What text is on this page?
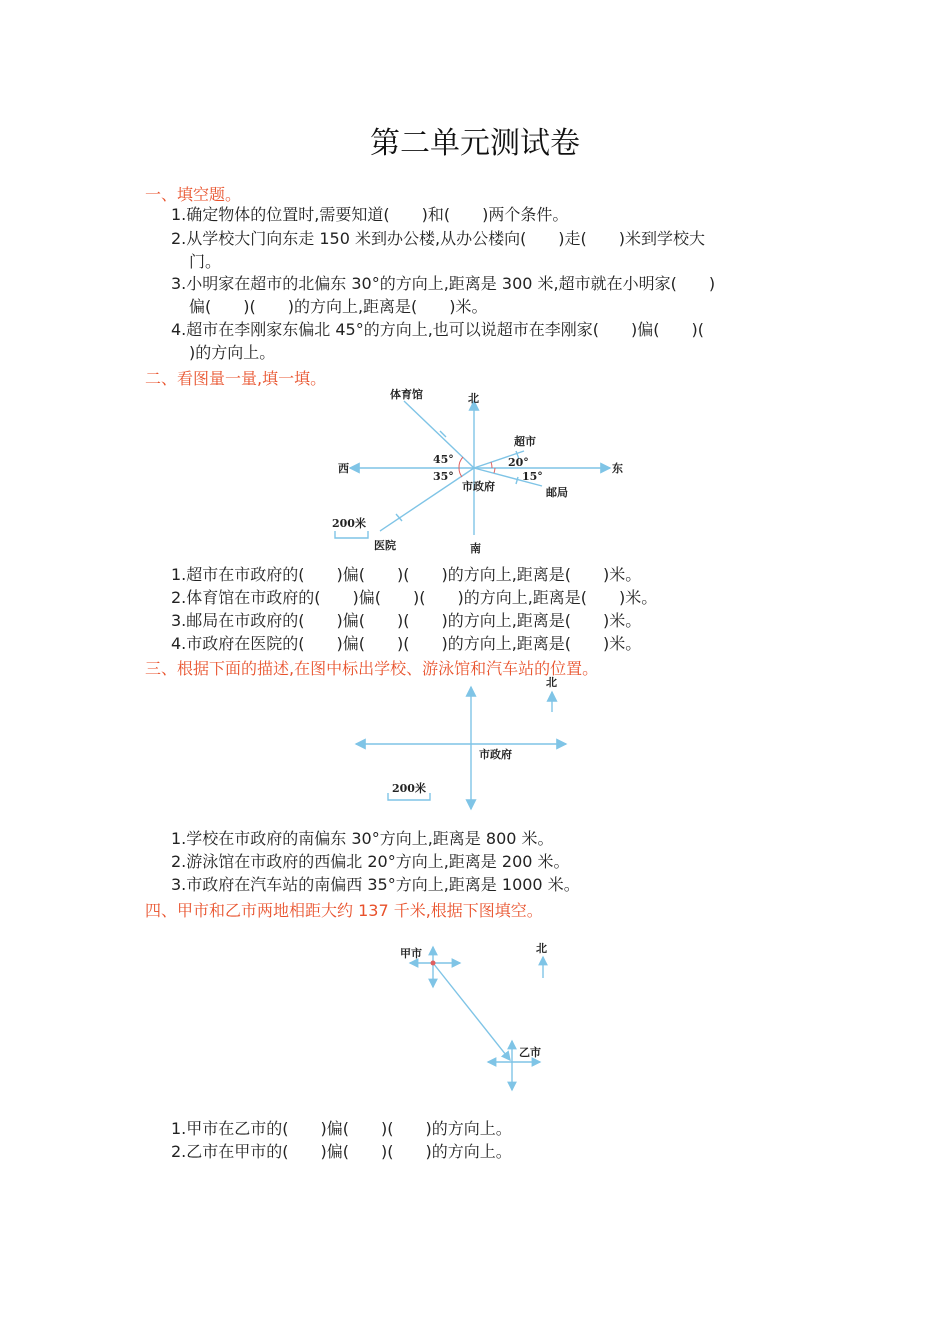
第二单元测试卷
一、填空题。
1.确定物体的位置时,需要知道(　　)和(　　)两个条件。
2.从学校大门向东走 150 米到办公楼,从办公楼向(　　)走(　　)米到学校大
门。
3.小明家在超市的北偏东 30°的方向上,距离是 300 米,超市就在小明家(　　)
偏(　　)(　　)的方向上,距离是(　　)米。
4.超市在李刚家东偏北 45°的方向上,也可以说超市在李刚家(　　)偏(　　)(
)的方向上。
二、看图量一量,填一填。
体育馆	北
超市
西	东
45°
35°
20°
15°
市政府	邮局
200米
医院	南
1.超市在市政府的(　　)偏(　　)(　　)的方向上,距离是(　　)米。
2.体育馆在市政府的(　　)偏(　　)(　　)的方向上,距离是(　　)米。
3.邮局在市政府的(　　)偏(　　)(　　)的方向上,距离是(　　)米。
4.市政府在医院的(　　)偏(　　)(　　)的方向上,距离是(　　)米。
三、根据下面的描述,在图中标出学校、游泳馆和汽车站的位置。
北
市政府
200米
1.学校在市政府的南偏东 30°方向上,距离是 800 米。
2.游泳馆在市政府的西偏北 20°方向上,距离是 200 米。
3.市政府在汽车站的南偏西 35°方向上,距离是 1000 米。
四、甲市和乙市两地相距大约 137 千米,根据下图填空。
甲市	北
乙市
1.甲市在乙市的(　　)偏(　　)(　　)的方向上。
2.乙市在甲市的(　　)偏(　　)(　　)的方向上。
